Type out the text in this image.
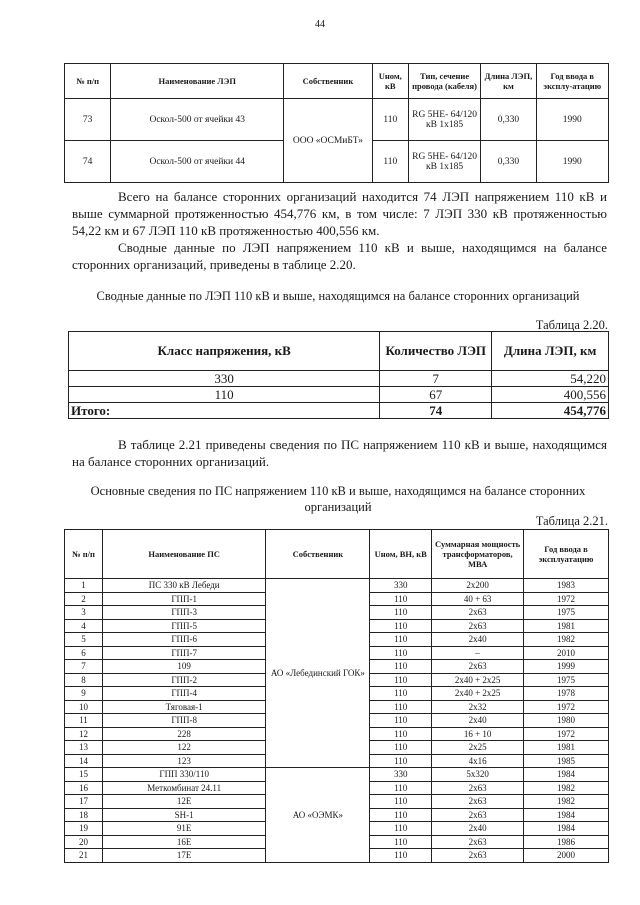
44
№ п/п	Наименование ЛЭП	Собственник	Uном, кВ	Тип, сечение провода (кабеля)	Длина ЛЭП, км	Год ввода в эксплу-атацию
73	Оскол-500 от ячейки 43	ООО «ОСМиБТ»	110	RG 5HE- 64/120 кВ 1x185	0,330	1990
74	Оскол-500 от ячейки 44		110	RG 5HE- 64/120 кВ 1x185	0,330	1990

Всего на балансе сторонних организаций находится 74 ЛЭП напряжением 110 кВ и выше суммарной протяженностью 454,776 км, в том числе: 7 ЛЭП 330 кВ протяженностью 54,22 км и 67 ЛЭП 110 кВ протяженностью 400,556 км.

Сводные данные по ЛЭП напряжением 110 кВ и выше, находящимся на балансе сторонних организаций, приведены в таблице 2.20.

Сводные данные по ЛЭП 110 кВ и выше, находящимся на балансе сторонних организаций

Таблица 2.20.
Класс напряжения, кВ	Количество ЛЭП	Длина ЛЭП, км
330	7	54,220
110	67	400,556
Итого:	74	454,776

В таблице 2.21 приведены сведения по ПС напряжением 110 кВ и выше, находящимся на балансе сторонних организаций.

Основные сведения по ПС напряжением 110 кВ и выше, находящимся на балансе сторонних организаций

Таблица 2.21.
№ п/п	Наименование ПС	Собственник	Uном, ВН, кВ	Суммарная мощность трансформаторов, МВА	Год ввода в эксплуатацию
1	ПС 330 кВ Лебеди	АО «Лебединский ГОК»	330	2x200	1983
2	ГПП-1		110	40 + 63	1972
3	ГПП-3		110	2x63	1975
4	ГПП-5		110	2x63	1981
5	ГПП-6		110	2x40	1982
6	ГПП-7		110	–	2010
7	109		110	2x63	1999
8	ГПП-2		110	2x40 + 2x25	1975
9	ГПП-4		110	2x40 + 2x25	1978
10	Тяговая-1		110	2x32	1972
11	ГПП-8		110	2x40	1980
12	228		110	16 + 10	1972
13	122		110	2x25	1981
14	123		110	4x16	1985
15	ГПП 330/110	АО «ОЭМК»	330	5x320	1984
16	Меткомбинат 24.11		110	2x63	1982
17	12E		110	2x63	1982
18	SH-1		110	2x63	1984
19	91E		110	2x40	1984
20	16E		110	2x63	1986
21	17E		110	2x63	2000
